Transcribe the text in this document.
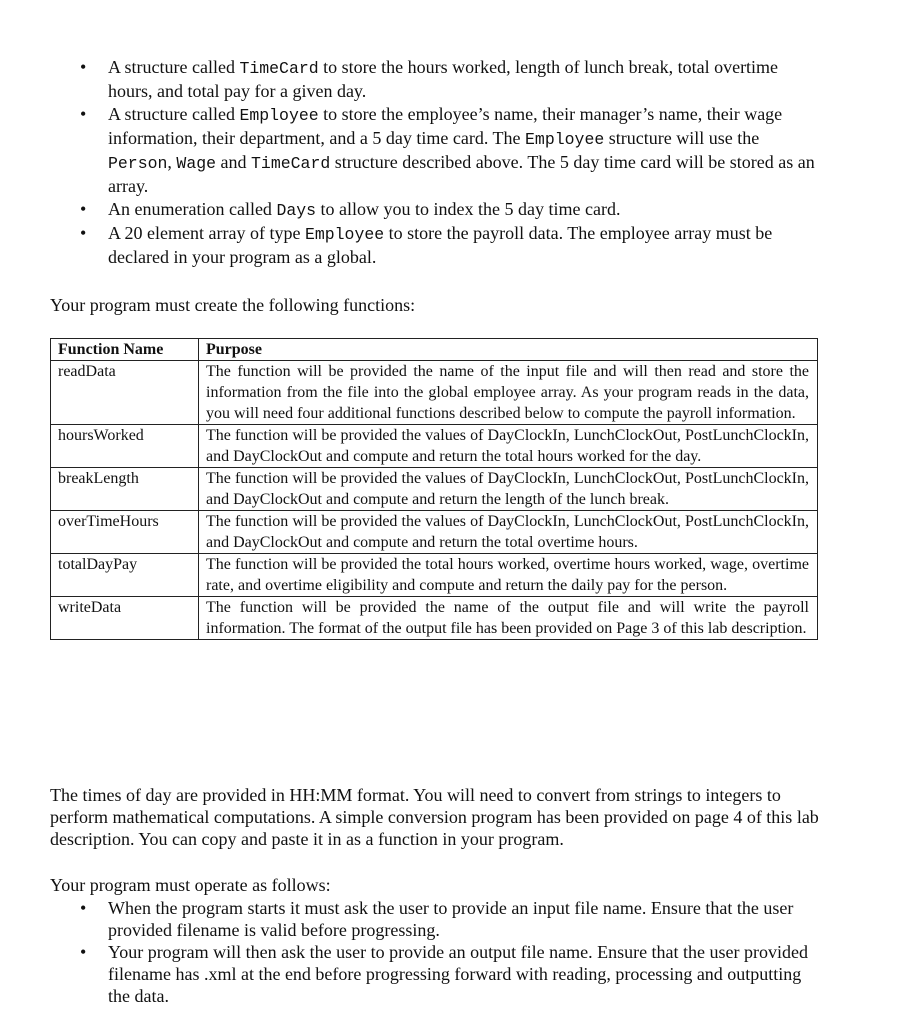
• A structure called TimeCard to store the hours worked, length of lunch break, total overtime hours, and total pay for a given day.
• A structure called Employee to store the employee’s name, their manager’s name, their wage information, their department, and a 5 day time card. The Employee structure will use the Person, Wage and TimeCard structure described above. The 5 day time card will be stored as an array.
• An enumeration called Days to allow you to index the 5 day time card.
• A 20 element array of type Employee to store the payroll data. The employee array must be declared in your program as a global.
Your program must create the following functions:
Function Name	Purpose
readData	The function will be provided the name of the input file and will then read and store the information from the file into the global employee array. As your program reads in the data, you will need four additional functions described below to compute the payroll information.
hoursWorked	The function will be provided the values of DayClockIn, LunchClockOut, PostLunchClockIn, and DayClockOut and compute and return the total hours worked for the day.
breakLength	The function will be provided the values of DayClockIn, LunchClockOut, PostLunchClockIn, and DayClockOut and compute and return the length of the lunch break.
overTimeHours	The function will be provided the values of DayClockIn, LunchClockOut, PostLunchClockIn, and DayClockOut and compute and return the total overtime hours.
totalDayPay	The function will be provided the total hours worked, overtime hours worked, wage, overtime rate, and overtime eligibility and compute and return the daily pay for the person.
writeData	The function will be provided the name of the output file and will write the payroll information. The format of the output file has been provided on Page 3 of this lab description.
The times of day are provided in HH:MM format. You will need to convert from strings to integers to perform mathematical computations. A simple conversion program has been provided on page 4 of this lab description. You can copy and paste it in as a function in your program.
Your program must operate as follows:
• When the program starts it must ask the user to provide an input file name. Ensure that the user provided filename is valid before progressing.
• Your program will then ask the user to provide an output file name. Ensure that the user provided filename has .xml at the end before progressing forward with reading, processing and outputting the data.
